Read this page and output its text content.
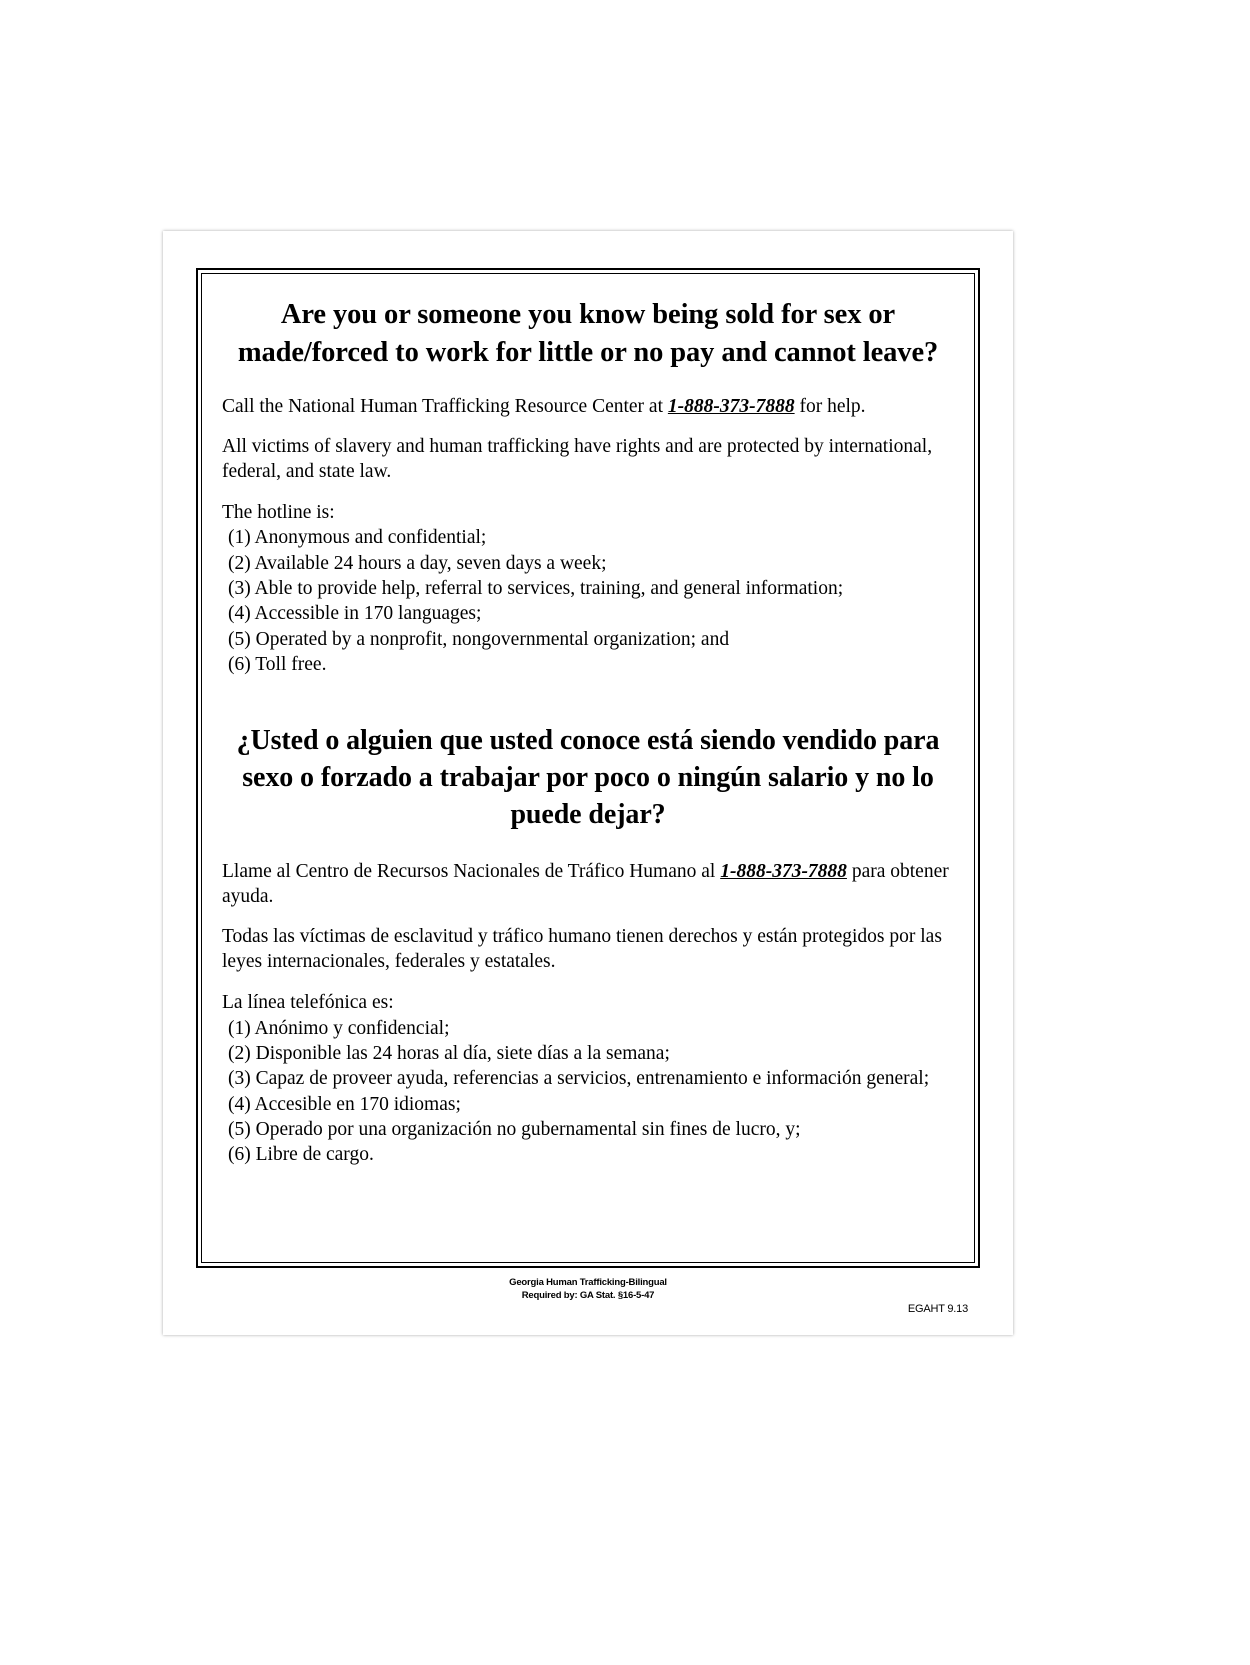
Are you or someone you know being sold for sex or made/forced to work for little or no pay and cannot leave?

Call the National Human Trafficking Resource Center at 1-888-373-7888 for help.

All victims of slavery and human trafficking have rights and are protected by international, federal, and state law.

The hotline is:

(1) Anonymous and confidential;
(2) Available 24 hours a day, seven days a week;
(3) Able to provide help, referral to services, training, and general information;
(4) Accessible in 170 languages;
(5) Operated by a nonprofit, nongovernmental organization; and
(6) Toll free.
¿Usted o alguien que usted conoce está siendo vendido para sexo o forzado a trabajar por poco o ningún salario y no lo puede dejar?

Llame al Centro de Recursos Nacionales de Tráfico Humano al 1-888-373-7888 para obtener ayuda.

Todas las víctimas de esclavitud y tráfico humano tienen derechos y están protegidos por las leyes internacionales, federales y estatales.

La línea telefónica es:

(1) Anónimo y confidencial;
(2) Disponible las 24 horas al día, siete días a la semana;
(3) Capaz de proveer ayuda, referencias a servicios, entrenamiento e información general;
(4) Accesible en 170 idiomas;
(5) Operado por una organización no gubernamental sin fines de lucro, y;
(6) Libre de cargo.
Georgia Human Trafficking-Bilingual
Required by: GA Stat. §16-5-47
EGAHT 9.13
